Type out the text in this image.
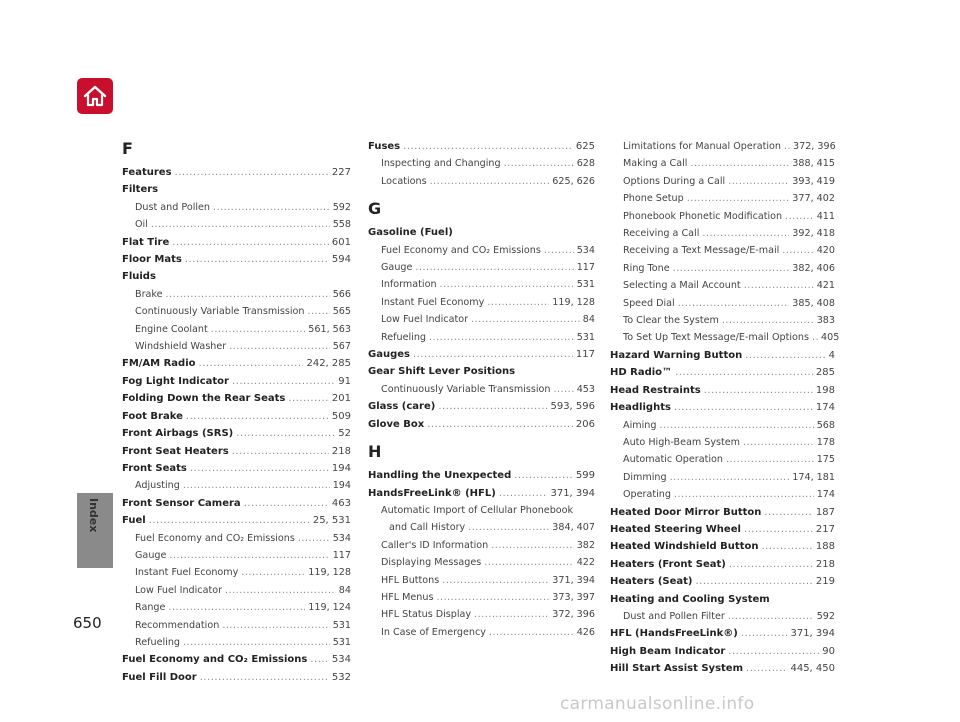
Index
650
F
Features .....	227
Filters
Dust and Pollen .....	592
Oil .....	558
Flat Tire .....	601
Floor Mats .....	594
Fluids
Brake .....	566
Continuously Variable Transmission .....	565
Engine Coolant .....	561, 563
Windshield Washer .....	567
FM/AM Radio .....	242, 285
Fog Light Indicator .....	91
Folding Down the Rear Seats .....	201
Foot Brake .....	509
Front Airbags (SRS) .....	52
Front Seat Heaters .....	218
Front Seats .....	194
Adjusting .....	194
Front Sensor Camera .....	463
Fuel .....	25, 531
Fuel Economy and CO₂ Emissions .....	534
Gauge .....	117
Instant Fuel Economy .....	119, 128
Low Fuel Indicator .....	84
Range .....	119, 124
Recommendation .....	531
Refueling .....	531
Fuel Economy and CO₂ Emissions ..... 534
Fuel Fill Door .....	532
Fuses .....	625
Inspecting and Changing .....	628
Locations .....	625, 626
G
Gasoline (Fuel)
Fuel Economy and CO₂ Emissions .....	534
Gauge .....	117
Information .....	531
Instant Fuel Economy .....	119, 128
Low Fuel Indicator .....	84
Refueling .....	531
Gauges .....	117
Gear Shift Lever Positions
Continuously Variable Transmission .....	453
Glass (care) .....	593, 596
Glove Box .....	206
H
Handling the Unexpected .....	599
HandsFreeLink® (HFL) .....	371, 394
Automatic Import of Cellular Phonebook
and Call History .....	384, 407
Caller's ID Information .....	382
Displaying Messages .....	422
HFL Buttons .....	371, 394
HFL Menus .....	373, 397
HFL Status Display .....	372, 396
In Case of Emergency .....	426
Limitations for Manual Operation ..... 372, 396
Making a Call .....	388, 415
Options During a Call .....	393, 419
Phone Setup .....	377, 402
Phonebook Phonetic Modification .....	411
Receiving a Call .....	392, 418
Receiving a Text Message/E-mail .....	420
Ring Tone .....	382, 406
Selecting a Mail Account .....	421
Speed Dial .....	385, 408
To Clear the System .....	383
To Set Up Text Message/E-mail Options ..... 405
Hazard Warning Button .....	4
HD Radio™ .....	285
Head Restraints .....	198
Headlights .....	174
Aiming .....	568
Auto High-Beam System .....	178
Automatic Operation .....	175
Dimming .....	174, 181
Operating .....	174
Heated Door Mirror Button .....	187
Heated Steering Wheel .....	217
Heated Windshield Button .....	188
Heaters (Front Seat) .....	218
Heaters (Seat) .....	219
Heating and Cooling System
Dust and Pollen Filter .....	592
HFL (HandsFreeLink®) .....	371, 394
High Beam Indicator .....	90
Hill Start Assist System .....	445, 450
carmanualsonline.info
